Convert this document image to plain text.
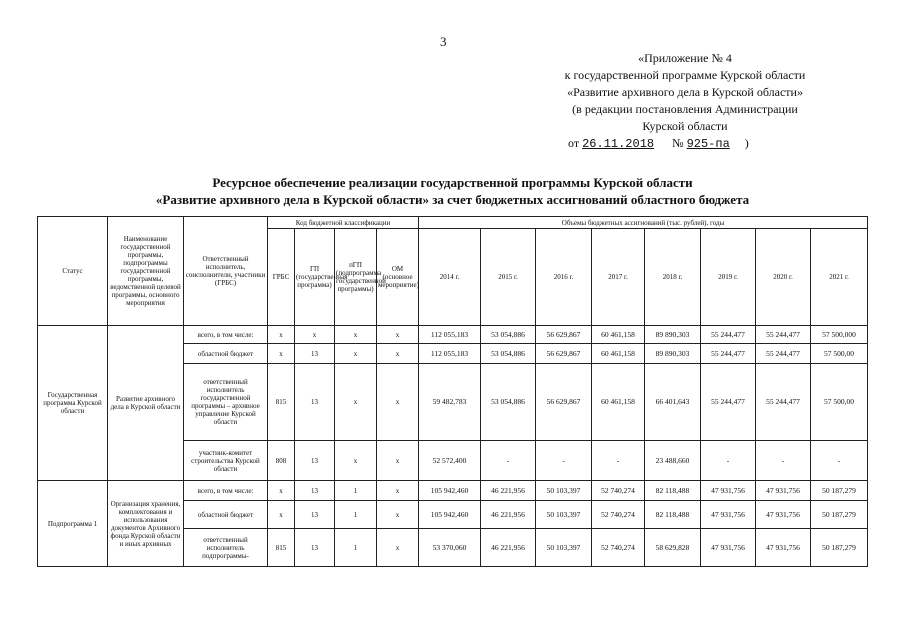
3
«Приложение № 4
к государственной программе Курской области
«Развитие архивного дела в Курской области»
(в редакции постановления Администрации
Курской области
от 26.11.2018 № 925-па )
Ресурсное обеспечение реализации государственной программы Курской области
«Развитие архивного дела в Курской области» за счет бюджетных ассигнований областного бюджета
Статус	Наименование государственной программы, подпрограммы государственной программы, ведомственной целевой программы, основного мероприятия	Ответственный исполнитель, соисполнители, участники (ГРБС)	Код бюджетной классификации				Объемы бюджетных ассигнований (тыс. рублей), годы							
			ГРБС	ГП (государственная программа)	пГП (подпрограмма государственной программы)	ОМ (основное мероприятие)	2014 г.	2015 г.	2016 г.	2017 г.	2018 г.	2019 г.	2020 г.	2021 г.
Государственная программа Курской области	Развитие архивного дела в Курской области	всего, в том числе:	х	х	х	х	112 055,183	53 054,886	56 629,867	60 461,158	89 890,303	55 244,477	55 244,477	57 500,000
		областной бюджет	х	13	х	х	112 055,183	53 054,886	56 629,867	60 461,158	89 890,303	55 244,477	55 244,477	57 500,00
		ответственный исполнитель государственной программы – архивное управление Курской области	815	13	х	х	59 482,783	53 054,886	56 629,867	60 461,158	66 401,643	55 244,477	55 244,477	57 500,00
		участник-комитет строительства Курской области	808	13	х	х	52 572,400	-	-	-	23 488,660	-	-	-
Подпрограмма 1	Организация хранения, комплектования и использования документов Архивного фонда Курской области и иных архивных	всего, в том числе:	х	13	1	х	105 942,460	46 221,956	50 103,397	52 740,274	82 118,488	47 931,756	47 931,756	50 187,279
		областной бюджет	х	13	1	х	105 942,460	46 221,956	50 103,397	52 740,274	82 118,488	47 931,756	47 931,756	50 187,279
		ответственный исполнитель подпрограммы-	815	13	1	х	53 370,060	46 221,956	50 103,397	52 740,274	58 629,828	47 931,756	47 931,756	50 187,279
